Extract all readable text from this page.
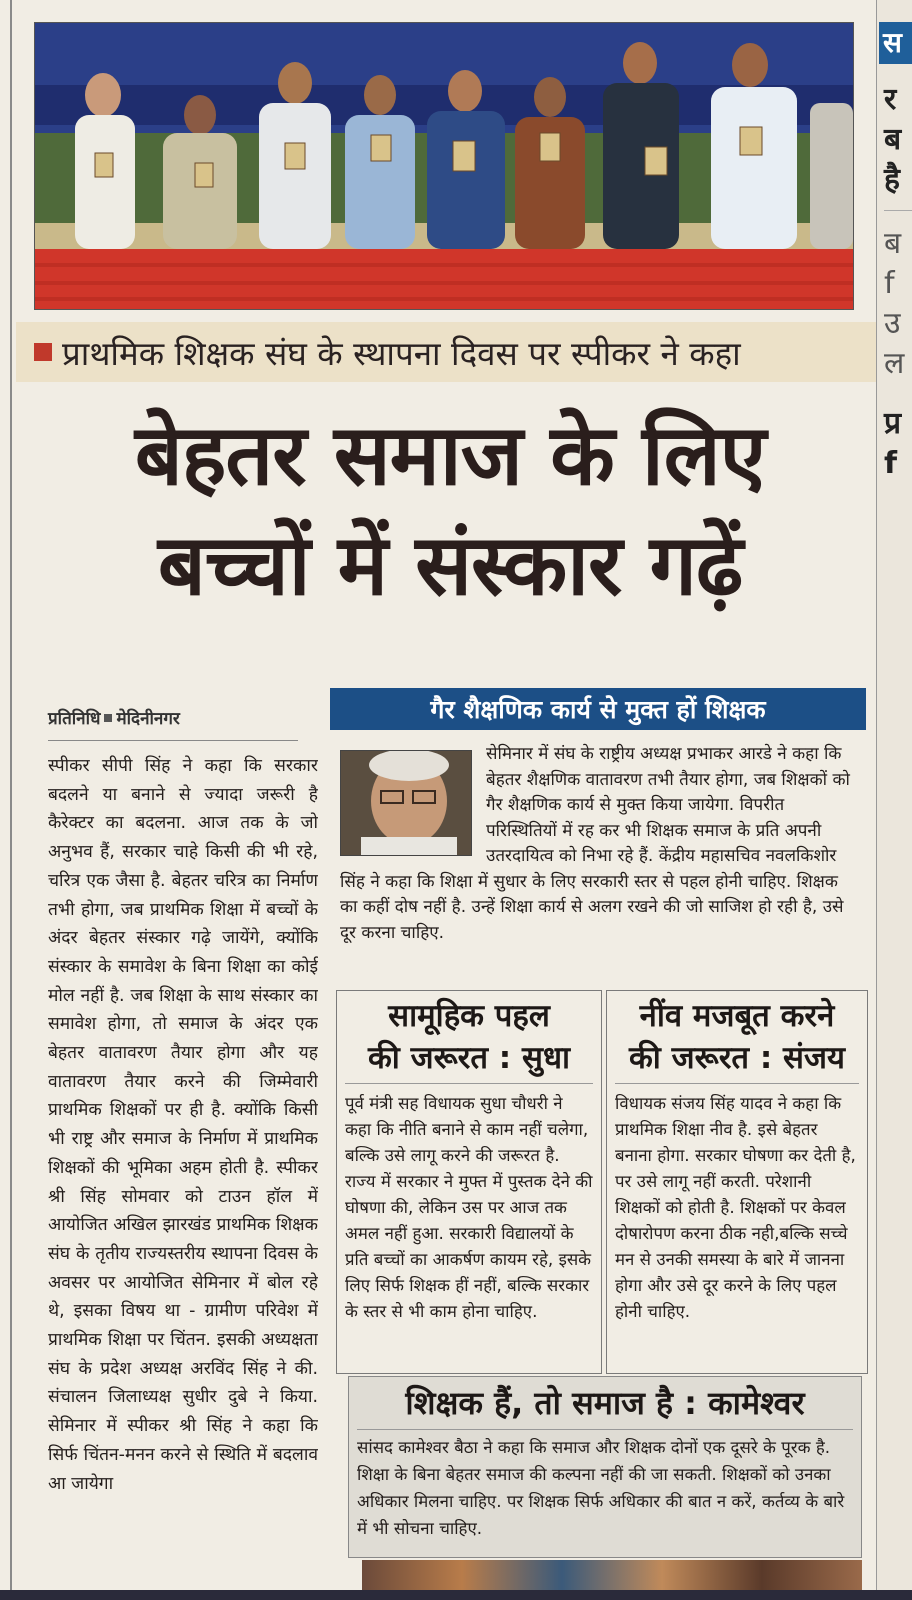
प्राथमिक शिक्षक संघ के स्थापना दिवस पर स्पीकर ने कहा
बेहतर समाज के लिए
बच्चों में संस्कार गढ़ें
प्रतिनिधि मेदिनीनगर
स्पीकर सीपी सिंह ने कहा कि सरकार बदलने या बनाने से ज्यादा जरूरी है कैरेक्टर का बदलना. आज तक के जो अनुभव हैं, सरकार चाहे किसी की भी रहे, चरित्र एक जैसा है. बेहतर चरित्र का निर्माण तभी होगा, जब प्राथमिक शिक्षा में बच्चों के अंदर बेहतर संस्कार गढ़े जायेंगे, क्योंकि संस्कार के समावेश के बिना शिक्षा का कोई मोल नहीं है. जब शिक्षा के साथ संस्कार का समावेश होगा, तो समाज के अंदर एक बेहतर वातावरण तैयार होगा और यह वातावरण तैयार करने की जिम्मेवारी प्राथमिक शिक्षकों पर ही है. क्योंकि किसी भी राष्ट्र और समाज के निर्माण में प्राथमिक शिक्षकों की भूमिका अहम होती है. स्पीकर श्री सिंह सोमवार को टाउन हॉल में आयोजित अखिल झारखंड प्राथमिक शिक्षक संघ के तृतीय राज्यस्तरीय स्थापना दिवस के अवसर पर आयोजित सेमिनार में बोल रहे थे, इसका विषय था - ग्रामीण परिवेश में प्राथमिक शिक्षा पर चिंतन. इसकी अध्यक्षता संघ के प्रदेश अध्यक्ष अरविंद सिंह ने की. संचालन जिलाध्यक्ष सुधीर दुबे ने किया. सेमिनार में स्पीकर श्री सिंह ने कहा कि सिर्फ चिंतन-मनन करने से स्थिति में बदलाव आ जायेगा
गैर शैक्षणिक कार्य से मुक्त हों शिक्षक
सेमिनार में संघ के राष्ट्रीय अध्यक्ष प्रभाकर आरडे ने कहा कि बेहतर शैक्षणिक वातावरण तभी तैयार होगा, जब शिक्षकों को गैर शैक्षणिक कार्य से मुक्त किया जायेगा. विपरीत परिस्थितियों में रह कर भी शिक्षक समाज के प्रति अपनी उतरदायित्व को निभा रहे हैं. केंद्रीय महासचिव नवलकिशोर सिंह ने कहा कि शिक्षा में सुधार के लिए सरकारी स्तर से पहल होनी चाहिए. शिक्षक का कहीं दोष नहीं है. उन्हें शिक्षा कार्य से अलग रखने की जो साजिश हो रही है, उसे दूर करना चाहिए.
सामूहिक पहल
की जरूरत : सुधा
पूर्व मंत्री सह विधायक सुधा चौधरी ने कहा कि नीति बनाने से काम नहीं चलेगा, बल्कि उसे लागू करने की जरूरत है. राज्य में सरकार ने मुफ्त में पुस्तक देने की घोषणा की, लेकिन उस पर आज तक अमल नहीं हुआ. सरकारी विद्यालयों के प्रति बच्चों का आकर्षण कायम रहे, इसके लिए सिर्फ शिक्षक हीं नहीं, बल्कि सरकार के स्तर से भी काम होना चाहिए.
नींव मजबूत करने
की जरूरत : संजय
विधायक संजय सिंह यादव ने कहा कि प्राथमिक शिक्षा नीव है. इसे बेहतर बनाना होगा. सरकार घोषणा कर देती है, पर उसे लागू नहीं करती. परेशानी शिक्षकों को होती है. शिक्षकों पर केवल दोषारोपण करना ठीक नही,बल्कि सच्चे मन से उनकी समस्या के बारे में जानना होगा और उसे दूर करने के लिए पहल होनी चाहिए.
शिक्षक हैं, तो समाज है : कामेश्वर
सांसद कामेश्वर बैठा ने कहा कि समाज और शिक्षक दोनों एक दूसरे के पूरक है. शिक्षा के बिना बेहतर समाज की कल्पना नहीं की जा सकती. शिक्षकों को उनका अधिकार मिलना चाहिए. पर शिक्षक सिर्फ अधिकार की बात न करें, कर्तव्य के बारे में भी सोचना चाहिए.
स
र
ब
है
ब
f
उ
ल
प्र
f
